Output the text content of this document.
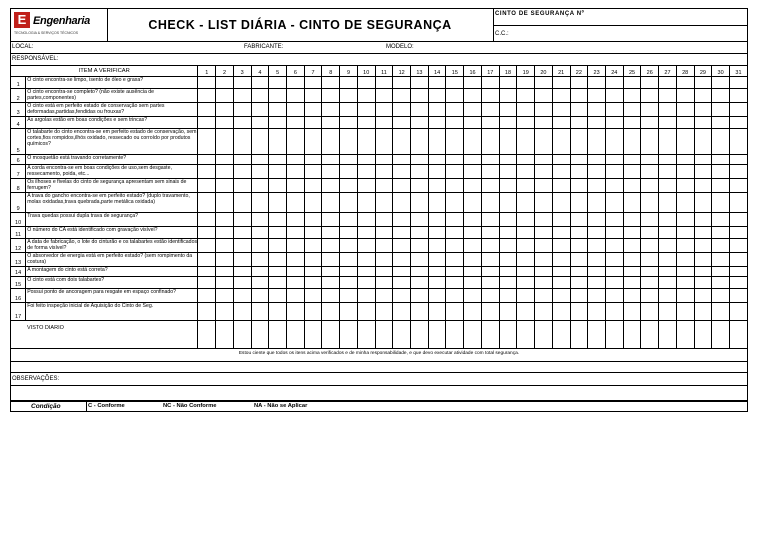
E Engenharia
TECNOLOGIA & SERVIÇOS TÉCNICOS
CHECK - LIST DIÁRIA - CINTO DE SEGURANÇA
CINTO DE SEGURANÇA Nº
C.C.:
LOCAL:	FABRICANTE:	MODELO:
RESPONSÁVEL:
ITEM A VERIFICAR		1	2	3	4	5	6	7	8	9	10	11	12	13	14	15	16	17	18	19	20	21	22	23	24	25	26	27	28	29	30	31
1	O cinto encontra-se limpo, isento de óleo e graxa?																															
2	O cinto encontra-se completo? (não existe ausência de partes,componentes)																															
3	O cinto está em perfeito estado de conservação sem partes deformadas,partidas,fendidas ou frouxas?																															
4	As argolas estão em boas condições e sem trincas?																															
5	O talabarte do cinto encontra-se em perfeito estado de conservação, sem cortes,fios rompidos,ilhós oxidado, ressecado ou corroído por produtos químicos?																															
6	O mosquetão está travando corretamente?																															
7	A corda encontra-se em boas condições de uso,sem desgaste, ressecamento, poida, etc...																															
8	Os ilhoses e fivelas do cinto de segurança apresentam sem sinais de ferrugem?																															
9	A trava do gancho encontra-se em perfeito estado? (duplo travamento, molas oxidadas,trava quebrada,parte metálica oxidada)																															
10	Trava quedas possui dupla trava de segurança?																															
11	O número do CA está identificado com gravação visível?																															
12	A data de fabricação, o lote do cinturão e os talabartes estão identificados de forma visível?																															
13	O absorvedor de energia está em perfeito estado? (sem rompimento da costura)																															
14	A montagem do cinto está correta?																															
15	O cinto está com dois talabartes?																															
16	Possui ponto de ancoragem para resgate em espaço confinado?																															
17	Foi feito inspeção inicial de Aquisição do Cinto de Seg.																															
VISTO DIARIO																																
Estou ciente que todos os itens acima verificados e de minha responsabilidade, e que devo executar atividade com total segurança.
OBSERVAÇÕES:
Condição	C - Conforme	NC - Não Conforme	NA - Não se Aplicar
